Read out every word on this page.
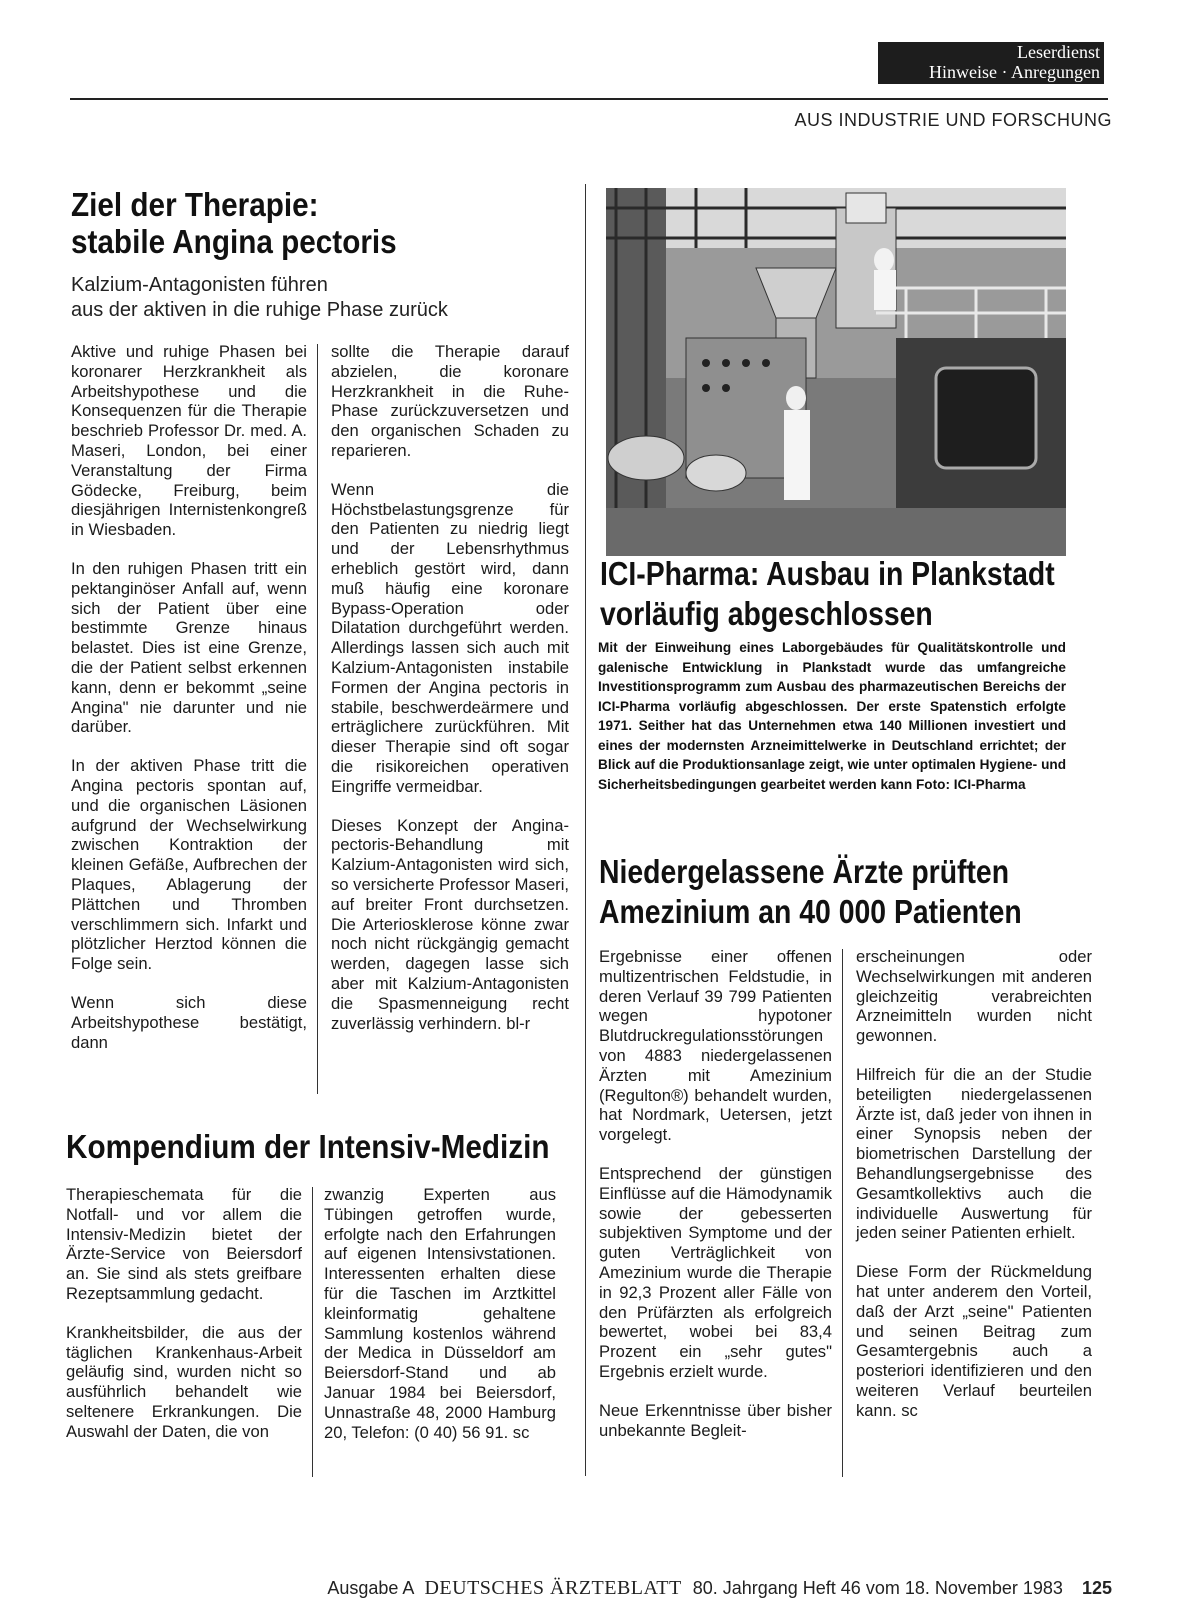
Leserdienst
Hinweise · Anregungen
AUS INDUSTRIE UND FORSCHUNG
Ziel der Therapie:
stabile Angina pectoris
Kalzium-Antagonisten führen
aus der aktiven in die ruhige Phase zurück

Aktive und ruhige Phasen bei koronarer Herzkrankheit als Arbeitshypothese und die Konsequenzen für die Therapie beschrieb Professor Dr. med. A. Maseri, London, bei einer Veranstaltung der Firma Gödecke, Freiburg, beim diesjährigen Internistenkongreß in Wiesbaden.

In den ruhigen Phasen tritt ein pektanginöser Anfall auf, wenn sich der Patient über eine bestimmte Grenze hinaus belastet. Dies ist eine Grenze, die der Patient selbst erkennen kann, denn er bekommt „seine Angina" nie darunter und nie darüber.

In der aktiven Phase tritt die Angina pectoris spontan auf, und die organischen Läsionen aufgrund der Wechselwirkung zwischen Kontraktion der kleinen Gefäße, Aufbrechen der Plaques, Ablagerung der Plättchen und Thromben verschlimmern sich. Infarkt und plötzlicher Herztod können die Folge sein.

Wenn sich diese Arbeitshypothese bestätigt, dann

sollte die Therapie darauf abzielen, die koronare Herzkrankheit in die Ruhe-Phase zurückzuversetzen und den organischen Schaden zu reparieren.

Wenn die Höchstbelastungsgrenze für den Patienten zu niedrig liegt und der Lebensrhythmus erheblich gestört wird, dann muß häufig eine koronare Bypass-Operation oder Dilatation durchgeführt werden. Allerdings lassen sich auch mit Kalzium-Antagonisten instabile Formen der Angina pectoris in stabile, beschwerdeärmere und erträglichere zurückführen. Mit dieser Therapie sind oft sogar die risikoreichen operativen Eingriffe vermeidbar.

Dieses Konzept der Angina-pectoris-Behandlung mit Kalzium-Antagonisten wird sich, so versicherte Professor Maseri, auf breiter Front durchsetzen. Die Arteriosklerose könne zwar noch nicht rückgängig gemacht werden, dagegen lasse sich aber mit Kalzium-Antagonisten die Spasmenneigung recht zuverlässig verhindern. bl-r

Kompendium der Intensiv-Medizin

Therapieschemata für die Notfall- und vor allem die Intensiv-Medizin bietet der Ärzte-Service von Beiersdorf an. Sie sind als stets greifbare Rezeptsammlung gedacht.

Krankheitsbilder, die aus der täglichen Krankenhaus-Arbeit geläufig sind, wurden nicht so ausführlich behandelt wie seltenere Erkrankungen. Die Auswahl der Daten, die von

zwanzig Experten aus Tübingen getroffen wurde, erfolgte nach den Erfahrungen auf eigenen Intensivstationen. Interessenten erhalten diese für die Taschen im Arztkittel kleinformatig gehaltene Sammlung kostenlos während der Medica in Düsseldorf am Beiersdorf-Stand und ab Januar 1984 bei Beiersdorf, Unnastraße 48, 2000 Hamburg 20, Telefon: (0 40) 56 91. sc

ICI-Pharma: Ausbau in Plankstadt
vorläufig abgeschlossen
Mit der Einweihung eines Laborgebäudes für Qualitätskontrolle und galenische Entwicklung in Plankstadt wurde das umfangreiche Investitionsprogramm zum Ausbau des pharmazeutischen Bereichs der ICI-Pharma vorläufig abgeschlossen. Der erste Spatenstich erfolgte 1971. Seither hat das Unternehmen etwa 140 Millionen investiert und eines der modernsten Arzneimittelwerke in Deutschland errichtet; der Blick auf die Produktionsanlage zeigt, wie unter optimalen Hygiene- und Sicherheitsbedingungen gearbeitet werden kann Foto: ICI-Pharma
Niedergelassene Ärzte prüften
Amezinium an 40 000 Patienten

Ergebnisse einer offenen multizentrischen Feldstudie, in deren Verlauf 39 799 Patienten wegen hypotoner Blutdruckregulationsstörungen von 4883 niedergelassenen Ärzten mit Amezinium (Regulton®) behandelt wurden, hat Nordmark, Uetersen, jetzt vorgelegt.

Entsprechend der günstigen Einflüsse auf die Hämodynamik sowie der gebesserten subjektiven Symptome und der guten Verträglichkeit von Amezinium wurde die Therapie in 92,3 Prozent aller Fälle von den Prüfärzten als erfolgreich bewertet, wobei bei 83,4 Prozent ein „sehr gutes" Ergebnis erzielt wurde.

Neue Erkenntnisse über bisher unbekannte Begleit-

erscheinungen oder Wechselwirkungen mit anderen gleichzeitig verabreichten Arzneimitteln wurden nicht gewonnen.

Hilfreich für die an der Studie beteiligten niedergelassenen Ärzte ist, daß jeder von ihnen in einer Synopsis neben der biometrischen Darstellung der Behandlungsergebnisse des Gesamtkollektivs auch die individuelle Auswertung für jeden seiner Patienten erhielt.

Diese Form der Rückmeldung hat unter anderem den Vorteil, daß der Arzt „seine" Patienten und seinen Beitrag zum Gesamtergebnis auch a posteriori identifizieren und den weiteren Verlauf beurteilen kann. sc

Ausgabe A DEUTSCHES ÄRZTEBLATT 80. Jahrgang Heft 46 vom 18. November 1983 125
